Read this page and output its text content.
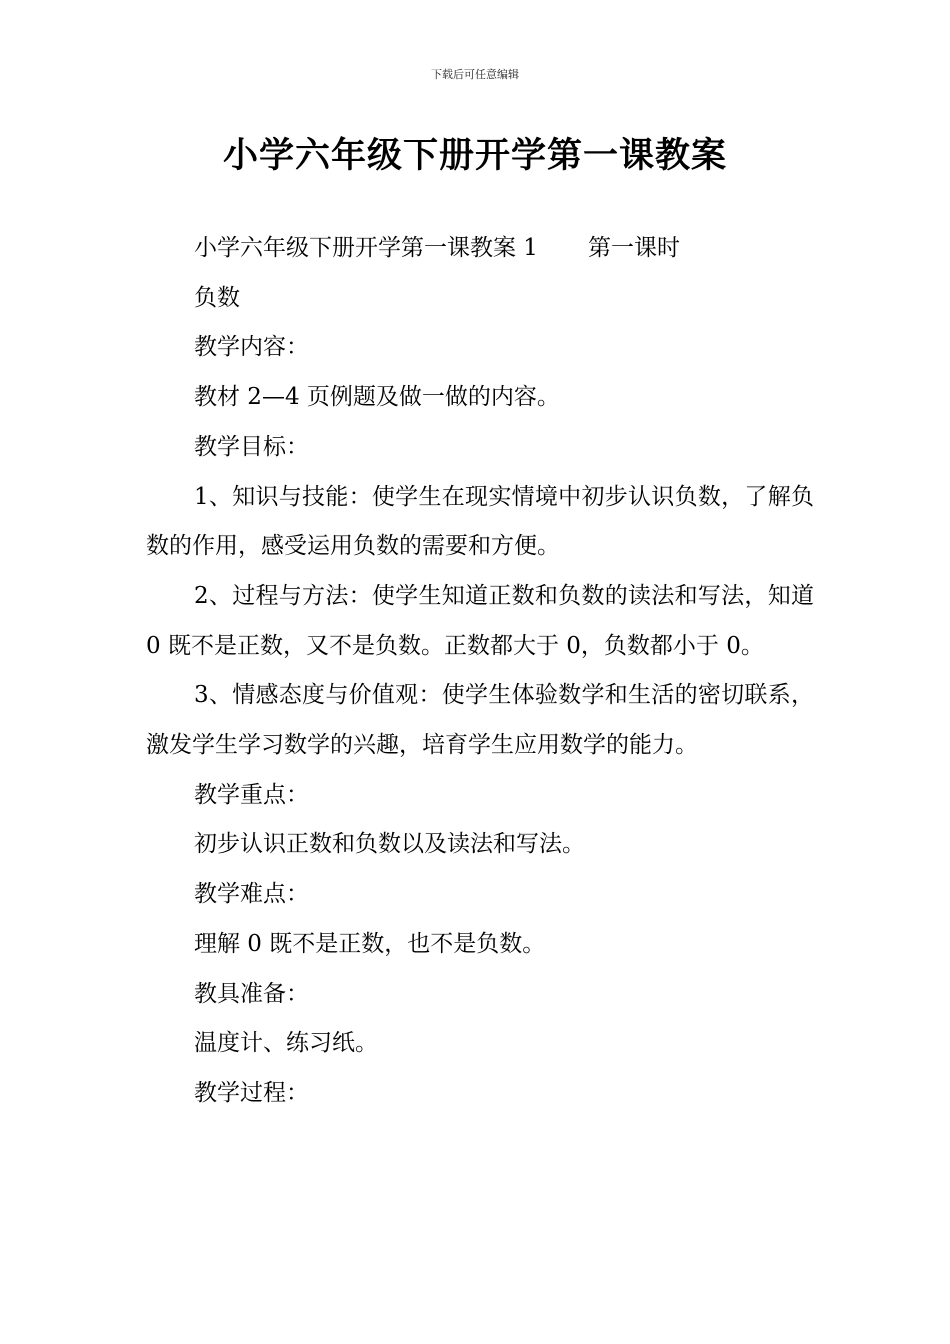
下载后可任意编辑
小学六年级下册开学第一课教案

小学六年级下册开学第一课教案 1 第一课时

负数

教学内容：

教材 2—4 页例题及做一做的内容。

教学目标：

1、知识与技能：使学生在现实情境中初步认识负数，了解负数的作用，感受运用负数的需要和方便。

2、过程与方法：使学生知道正数和负数的读法和写法，知道 0 既不是正数，又不是负数。正数都大于 0，负数都小于 0。

3、情感态度与价值观：使学生体验数学和生活的密切联系，激发学生学习数学的兴趣，培育学生应用数学的能力。

教学重点：

初步认识正数和负数以及读法和写法。

教学难点：

理解 0 既不是正数，也不是负数。

教具准备：

温度计、练习纸。

教学过程：
